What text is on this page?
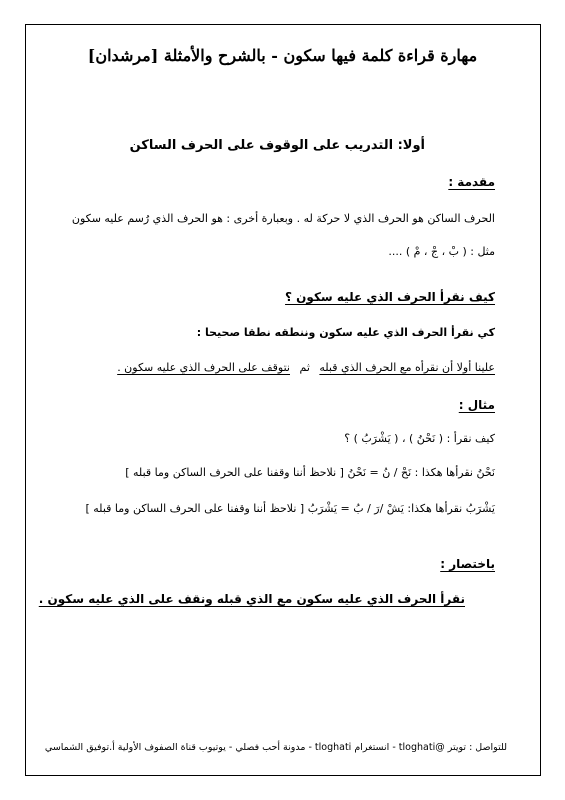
مهارة قراءة كلمة فيها سكون - بالشرح والأمثلة [مرشدان]
أولا: التدريب على الوقوف على الحرف الساكن
مقدمة :
الحرف الساكن هو الحرف الذي لا حركة له . وبعبارة أخرى : هو الحرف الذي رُسم عليه سكون
مثل : ( بْ ، جْ ، مْ ) ....
كيف نقرأ الحرف الذي عليه سكون ؟
كي نقرأ الحرف الذي عليه سكون وننطقه نطقا صحيحا :
علينا أولا أن نقرأه مع الحرف الذي قبله ثم نتوقف على الحرف الذي عليه سكون .
مثال :
كيف نقرأ : ( نَحْنُ ) ، ( يَشْرَبُ ) ؟
نَحْنُ نقرأها هكذا : نَحْ / نُ = نَحْنُ [ نلاحظ أننا وقفنا على الحرف الساكن وما قبله ]
يَشْرَبُ نقرأها هكذا: يَشْ /رَ / بُ = يَشْرَبُ [ نلاحظ أننا وقفنا على الحرف الساكن وما قبله ]
باختصار :
نقرأ الحرف الذي عليه سكون مع الذي قبله ونقف على الذي عليه سكون .
للتواصل : تويتر @tloghati - انستغرام tloghati - مدونة أحب فصلي - يوتيوب قناة الصفوف الأولية أ.توفيق الشماسي
